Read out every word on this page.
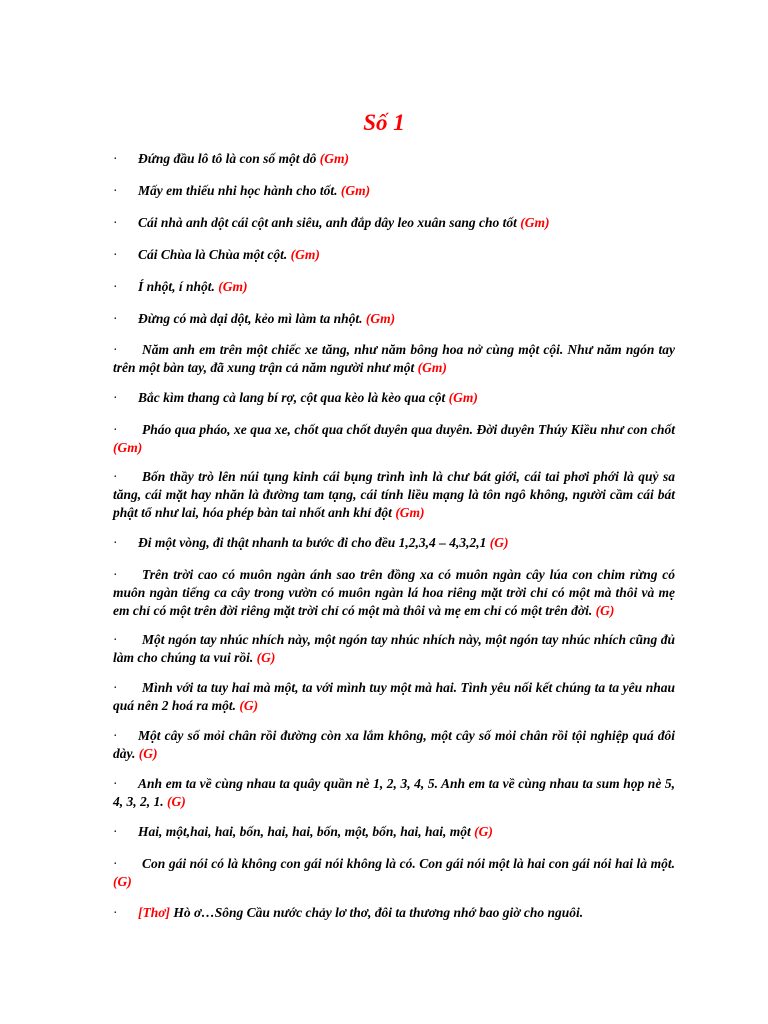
Số 1
· Đứng đầu lô tô là con số một dô (Gm)
· Mấy em thiếu nhi học hành cho tốt. (Gm)
· Cái nhà anh dột cái cột anh siêu, anh đắp dây leo xuân sang cho tốt (Gm)
· Cái Chùa là Chùa một cột. (Gm)
· Í nhột, í nhột. (Gm)
· Đừng có mà dại dột, kẻo mì làm ta nhột. (Gm)
· Năm anh em trên một chiếc xe tăng, như năm bông hoa nở cùng một cội. Như năm ngón tay trên một bàn tay, đã xung trận cả năm người như một (Gm)
· Bắc kìm thang cà lang bí rợ, cột qua kèo là kèo qua cột (Gm)
· Pháo qua pháo, xe qua xe, chốt qua chốt duyên qua duyên. Đời duyên Thúy Kiều như con chốt (Gm)
· Bốn thầy trò lên núi tụng kinh cái bụng trình ình là chư bát giới, cái tai phơi phới là quỷ sa tăng, cái mặt hay nhăn là đường tam tạng, cái tính liều mạng là tôn ngô không, người cầm cái bát phật tổ như lai, hóa phép bàn tai nhốt anh khỉ đột (Gm)
· Đi một vòng, đi thật nhanh ta bước đi cho đều 1,2,3,4 – 4,3,2,1 (G)
· Trên trời cao có muôn ngàn ánh sao trên đồng xa có muôn ngàn cây lúa con chim rừng có muôn ngàn tiếng ca cây trong vườn có muôn ngàn lá hoa riêng mặt trời chỉ có một mà thôi và mẹ em chỉ có một trên đời riêng mặt trời chỉ có một mà thôi và mẹ em chỉ có một trên đời. (G)
· Một ngón tay nhúc nhích này, một ngón tay nhúc nhích này, một ngón tay nhúc nhích cũng đủ làm cho chúng ta vui rồi. (G)
· Mình với ta tuy hai mà một, ta với mình tuy một mà hai. Tình yêu nối kết chúng ta ta yêu nhau quá nên 2 hoá ra một. (G)
· Một cây số mỏi chân rồi đường còn xa lắm không, một cây số mỏi chân rồi tội nghiệp quá đôi dày. (G)
· Anh em ta về cùng nhau ta quây quần nè 1, 2, 3, 4, 5. Anh em ta về cùng nhau ta sum họp nè 5, 4, 3, 2, 1. (G)
· Hai, một,hai, hai, bốn, hai, hai, bốn, một, bốn, hai, hai, một (G)
· Con gái nói có là không con gái nói không là có. Con gái nói một là hai con gái nói hai là một. (G)
· [Thơ] Hò ơ…Sông Cầu nước chảy lơ thơ, đôi ta thương nhớ bao giờ cho nguôi.
